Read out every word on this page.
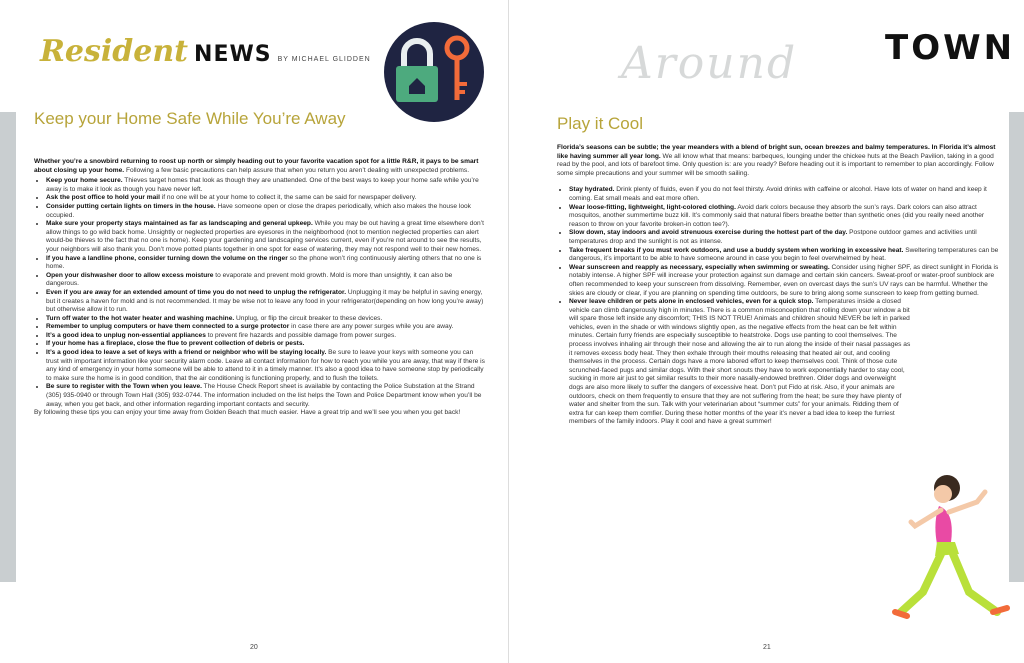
Resident NEWS BY MICHAEL GLIDDEN
Keep your Home Safe While You’re Away

Whether you’re a snowbird returning to roost up north or simply heading out to your favorite vacation spot for a little R&R, it pays to be smart about closing up your home. Following a few basic precautions can help assure that when you return you aren’t dealing with unexpected problems.

• Keep your home secure. Thieves target homes that look as though they are unattended. One of the best ways to keep your home safe while you’re away is to make it look as though you have never left.
• Ask the post office to hold your mail if no one will be at your home to collect it, the same can be said for newspaper delivery.
• Consider putting certain lights on timers in the house. Have someone open or close the drapes periodically, which also makes the house look occupied.
• Make sure your property stays maintained as far as landscaping and general upkeep. While you may be out having a great time elsewhere don’t allow things to go wild back home. Unsightly or neglected properties are eyesores in the neighborhood (not to mention neglected properties can alert would-be thieves to the fact that no one is home). Keep your gardening and landscaping services current, even if you’re not around to see the results, your neighbors will also thank you. Don’t move potted plants together in one spot for ease of watering, they may not respond well to their new homes.
• If you have a landline phone, consider turning down the volume on the ringer so the phone won’t ring continuously alerting others that no one is home.
• Open your dishwasher door to allow excess moisture to evaporate and prevent mold growth. Mold is more than unsightly, it can also be dangerous.
• Even if you are away for an extended amount of time you do not need to unplug the refrigerator. Unplugging it may be helpful in saving energy, but it creates a haven for mold and is not recommended. It may be wise not to leave any food in your refrigerator(depending on how long you’re away) but otherwise allow it to run.
• Turn off water to the hot water heater and washing machine. Unplug, or flip the circuit breaker to these devices.
• Remember to unplug computers or have them connected to a surge protector in case there are any power surges while you are away.
• It’s a good idea to unplug non-essential appliances to prevent fire hazards and possible damage from power surges.
• If your home has a fireplace, close the flue to prevent collection of debris or pests.
• It’s a good idea to leave a set of keys with a friend or neighbor who will be staying locally. Be sure to leave your keys with someone you can trust with important information like your security alarm code. Leave all contact information for how to reach you while you are away, that way if there is any kind of emergency in your home someone will be able to attend to it in a timely manner. It’s also a good idea to have someone stop by periodically to make sure the home is in good condition, that the air conditioning is functioning properly, and to flush the toilets.
• Be sure to register with the Town when you leave. The House Check Report sheet is available by contacting the Police Substation at the Strand (305) 935-0940 or through Town Hall (305) 932-0744. The information included on the list helps the Town and Police Department know when you’ll be away, when you get back, and other information regarding important contacts and security.

By following these tips you can enjoy your time away from Golden Beach that much easier. Have a great trip and we’ll see you when you get back!

20
Around	TOWN
Play it Cool

Florida’s seasons can be subtle; the year meanders with a blend of bright sun, ocean breezes and balmy temperatures. In Florida it’s almost like having summer all year long. We all know what that means: barbeques, lounging under the chickee huts at the Beach Pavilion, taking in a good read by the pool, and lots of barefoot time. Only question is: are you ready? Before heading out it is important to remember to plan accordingly. Follow some simple precautions and your summer will be smooth sailing.

• Stay hydrated. Drink plenty of fluids, even if you do not feel thirsty. Avoid drinks with caffeine or alcohol. Have lots of water on hand and keep it coming. Eat small meals and eat more often.
• Wear loose-fitting, lightweight, light-colored clothing. Avoid dark colors because they absorb the sun’s rays. Dark colors can also attract mosquitos, another summertime buzz kill. It’s commonly said that natural fibers breathe better than synthetic ones (did you really need another reason to throw on your favorite broken-in cotton tee?).
• Slow down, stay indoors and avoid strenuous exercise during the hottest part of the day. Postpone outdoor games and activities until temperatures drop and the sunlight is not as intense.
• Take frequent breaks if you must work outdoors, and use a buddy system when working in excessive heat. Sweltering temperatures can be dangerous, it’s important to be able to have someone around in case you begin to feel overwhelmed by heat.
• Wear sunscreen and reapply as necessary, especially when swimming or sweating. Consider using higher SPF, as direct sunlight in Florida is notably intense. A higher SPF will increase your protection against sun damage and certain skin cancers. Sweat-proof or water-proof sunblock are often recommended to keep your sunscreen from dissolving. Remember, even on overcast days the sun’s UV rays can be harmful. Whether the skies are cloudy or clear, if you are planning on spending time outdoors, be sure to bring along some sunscreen to keep from getting burned.
• Never leave children or pets alone in enclosed vehicles, even for a quick stop. Temperatures inside a closed vehicle can climb dangerously high in minutes. There is a common misconception that rolling down your window a bit will spare those left inside any discomfort; THIS IS NOT TRUE! Animals and children should NEVER be left in parked vehicles, even in the shade or with windows slightly open, as the negative effects from the heat can be felt within minutes. Certain furry friends are especially susceptible to heatstroke. Dogs use panting to cool themselves. The process involves inhaling air through their nose and allowing the air to run along the inside of their nasal passages as it removes excess body heat. They then exhale through their mouths releasing that heated air out, and cooling themselves in the process. Certain dogs have a more labored effort to keep themselves cool. Think of those cute scrunched-faced pugs and similar dogs. With their short snouts they have to work exponentially harder to stay cool, sucking in more air just to get similar results to their more nasally-endowed brethren. Older dogs and overweight dogs are also more likely to suffer the dangers of excessive heat. Don’t put Fido at risk. Also, if your animals are outdoors, check on them frequently to ensure that they are not suffering from the heat; be sure they have plenty of water and shelter from the sun. Talk with your veterinarian about “summer cuts” for your animals. Ridding them of extra fur can keep them comfier. During these hotter months of the year it’s never a bad idea to keep the furriest members of the family indoors. Play it cool and have a great summer!
21
